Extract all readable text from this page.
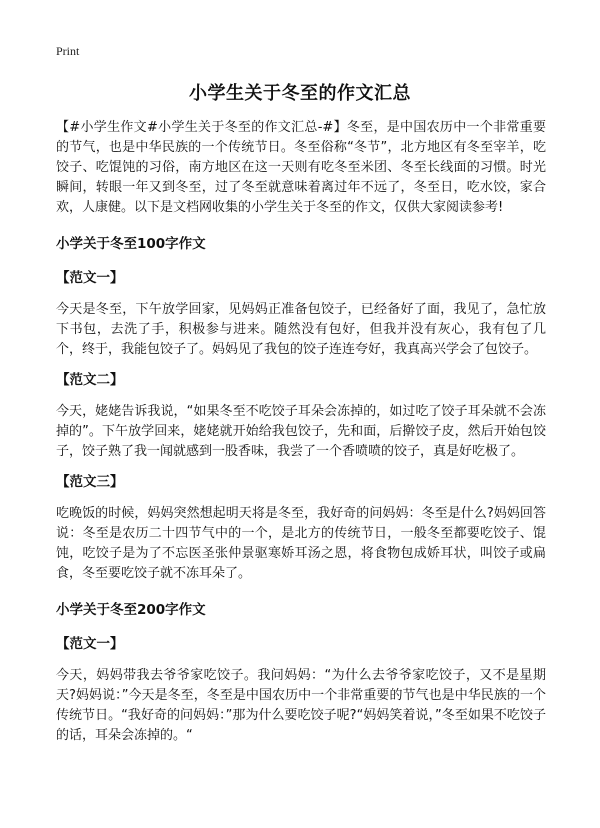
Print
小学生关于冬至的作文汇总

【#小学生作文#小学生关于冬至的作文汇总-#】冬至，是中国农历中一个非常重要的节气，也是中华民族的一个传统节日。冬至俗称“冬节”，北方地区有冬至宰羊，吃饺子、吃馄饨的习俗，南方地区在这一天则有吃冬至米团、冬至长线面的习惯。时光瞬间，转眼一年又到冬至，过了冬至就意味着离过年不远了，冬至日，吃水饺，家合欢，人康健。以下是文档网收集的小学生关于冬至的作文，仅供大家阅读参考!

小学关于冬至100字作文
【范文一】

今天是冬至，下午放学回家，见妈妈正准备包饺子，已经备好了面，我见了，急忙放下书包，去洗了手，积极参与进来。随然没有包好，但我并没有灰心，我有包了几个，终于，我能包饺子了。妈妈见了我包的饺子连连夸好，我真高兴学会了包饺子。

【范文二】

今天，姥姥告诉我说，“如果冬至不吃饺子耳朵会冻掉的，如过吃了饺子耳朵就不会冻掉的”。下午放学回来，姥姥就开始给我包饺子，先和面，后擀饺子皮，然后开始包饺子，饺子熟了我一闻就感到一股香味，我尝了一个香喷喷的饺子，真是好吃极了。

【范文三】

吃晚饭的时候，妈妈突然想起明天将是冬至，我好奇的问妈妈：冬至是什么?妈妈回答说：冬至是农历二十四节气中的一个，是北方的传统节日，一般冬至都要吃饺子、馄饨，吃饺子是为了不忘医圣张仲景驱寒娇耳汤之恩，将食物包成娇耳状，叫饺子或扁食，冬至要吃饺子就不冻耳朵了。

小学关于冬至200字作文
【范文一】

今天，妈妈带我去爷爷家吃饺子。我问妈妈：“为什么去爷爷家吃饺子，又不是星期天?妈妈说：”今天是冬至，冬至是中国农历中一个非常重要的节气也是中华民族的一个传统节日。“我好奇的问妈妈：”那为什么要吃饺子呢?“妈妈笑着说，”冬至如果不吃饺子的话，耳朵会冻掉的。“
